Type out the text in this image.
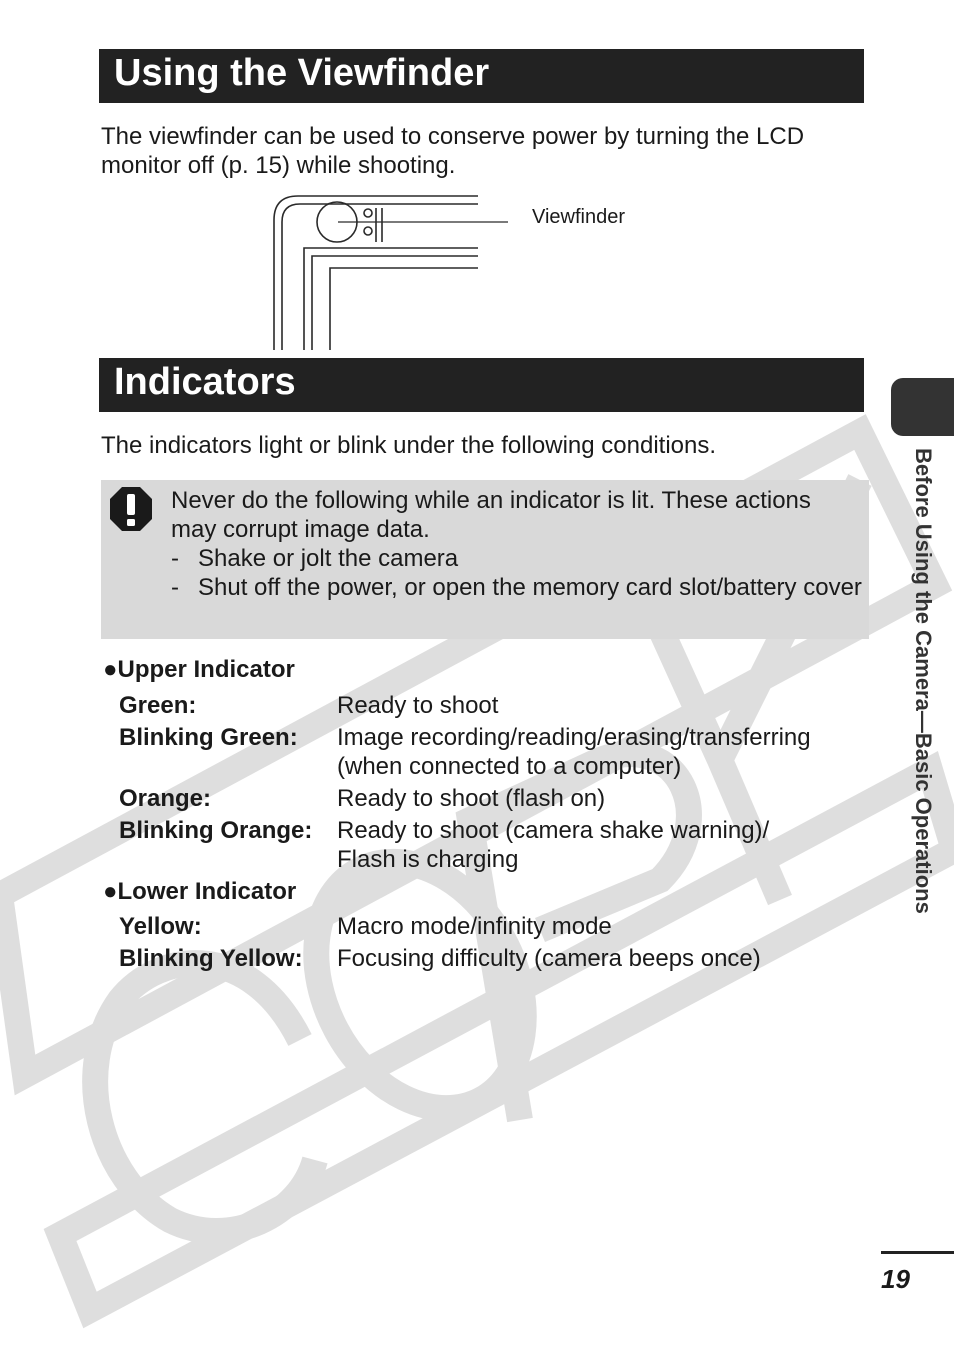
Using the Viewfinder
The viewfinder can be used to conserve power by turning the LCD
monitor off (p. 15) while shooting.
Viewfinder
Indicators
The indicators light or blink under the following conditions.
Never do the following while an indicator is lit. These actions
may corrupt image data.
- Shake or jolt the camera
- Shut off the power, or open the memory card slot/battery cover
●Upper Indicator
Green:	Ready to shoot
Blinking Green: Image recording/reading/erasing/transferring
(when connected to a computer)
Orange:	Ready to shoot (flash on)
Blinking Orange: Ready to shoot (camera shake warning)/
Flash is charging
●Lower Indicator
Yellow:	Macro mode/infinity mode
Blinking Yellow: Focusing difficulty (camera beeps once)
Before Using the Camera—Basic Operations
19
